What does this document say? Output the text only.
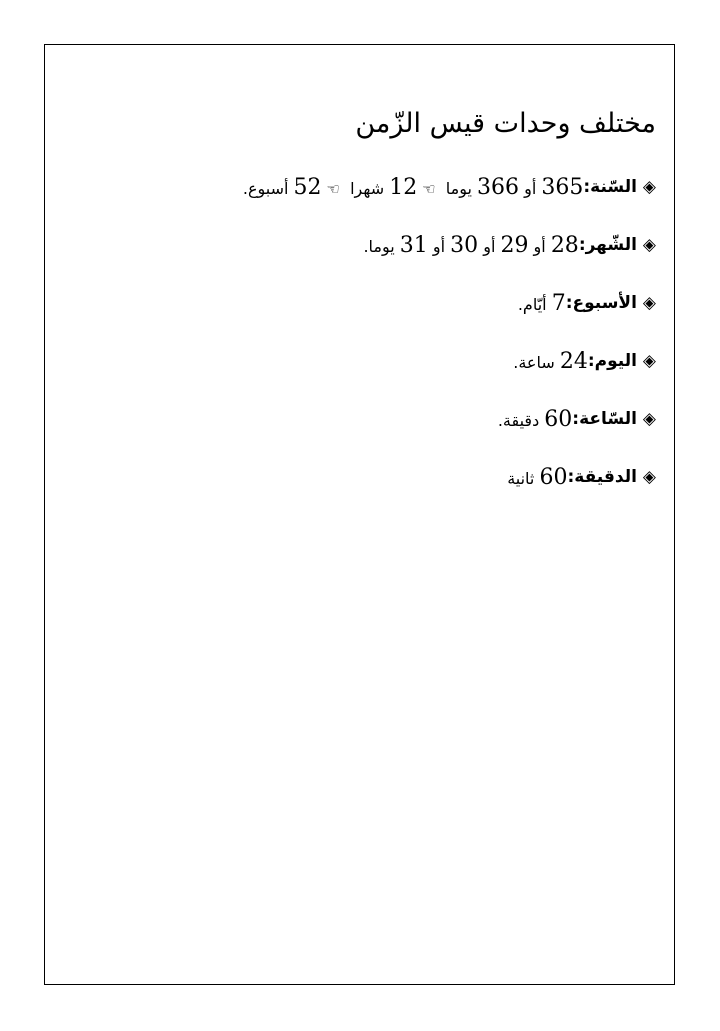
مختلف وحدات قيس الزّمن
◈
السّنة:
365 أو 366 يوما ☜12 شهرا ☜52 أسبوع.
◈
الشّهر:
28 أو 29 أو 30 أو 31 يوما.
◈
الأسبوع:
7 أيّام.
◈
اليوم:
24 ساعة.
◈
السّاعة:
60 دقيقة.
◈
الدقيقة:
60 ثانية
